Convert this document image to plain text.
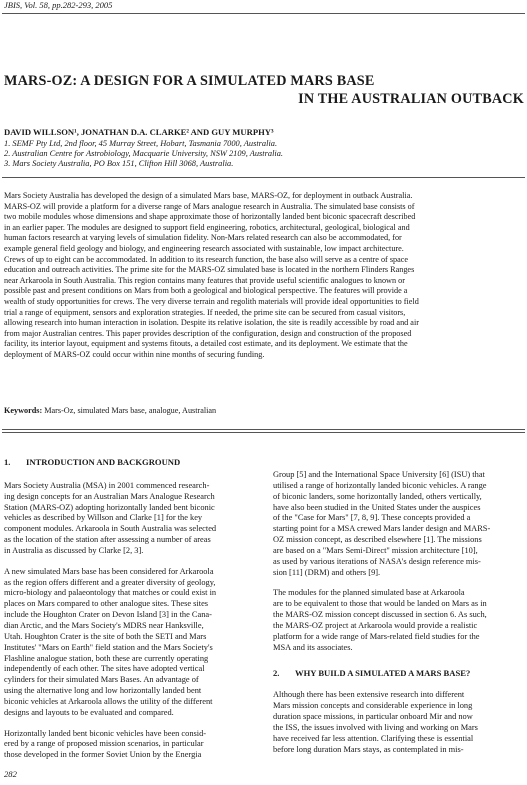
JBIS, Vol. 58, pp.282-293, 2005
MARS-OZ: A DESIGN FOR A SIMULATED MARS BASE
IN THE AUSTRALIAN OUTBACK
DAVID WILLSON¹, JONATHAN D.A. CLARKE² AND GUY MURPHY³
1. SEMF Pty Ltd, 2nd floor, 45 Murray Street, Hobart, Tasmania 7000, Australia.
2. Australian Centre for Astrobiology, Macquarie University, NSW 2109, Australia.
3. Mars Society Australia, PO Box 151, Clifton Hill 3068, Australia.
Mars Society Australia has developed the design of a simulated Mars base, MARS-OZ, for deployment in outback Australia.
MARS-OZ will provide a platform for a diverse range of Mars analogue research in Australia. The simulated base consists of
two mobile modules whose dimensions and shape approximate those of horizontally landed bent biconic spacecraft described
in an earlier paper. The modules are designed to support field engineering, robotics, architectural, geological, biological and
human factors research at varying levels of simulation fidelity. Non-Mars related research can also be accommodated, for
example general field geology and biology, and engineering research associated with sustainable, low impact architecture.
Crews of up to eight can be accommodated. In addition to its research function, the base also will serve as a centre of space
education and outreach activities. The prime site for the MARS-OZ simulated base is located in the northern Flinders Ranges
near Arkaroola in South Australia. This region contains many features that provide useful scientific analogues to known or
possible past and present conditions on Mars from both a geological and biological perspective. The features will provide a
wealth of study opportunities for crews. The very diverse terrain and regolith materials will provide ideal opportunities to field
trial a range of equipment, sensors and exploration strategies. If needed, the prime site can be secured from casual visitors,
allowing research into human interaction in isolation. Despite its relative isolation, the site is readily accessible by road and air
from major Australian centres. This paper provides description of the configuration, design and construction of the proposed
facility, its interior layout, equipment and systems fitouts, a detailed cost estimate, and its deployment. We estimate that the
deployment of MARS-OZ could occur within nine months of securing funding.
Keywords: Mars-Oz, simulated Mars base, analogue, Australian
1. INTRODUCTION AND BACKGROUND

Mars Society Australia (MSA) in 2001 commenced research-
ing design concepts for an Australian Mars Analogue Research
Station (MARS-OZ) adopting horizontally landed bent biconic
vehicles as described by Willson and Clarke [1] for the key
component modules. Arkaroola in South Australia was selected
as the location of the station after assessing a number of areas
in Australia as discussed by Clarke [2, 3].

A new simulated Mars base has been considered for Arkaroola
as the region offers different and a greater diversity of geology,
micro-biology and palaeontology that matches or could exist in
places on Mars compared to other analogue sites. These sites
include the Houghton Crater on Devon Island [3] in the Cana-
dian Arctic, and the Mars Society's MDRS near Hanksville,
Utah. Houghton Crater is the site of both the SETI and Mars
Institutes' "Mars on Earth" field station and the Mars Society's
Flashline analogue station, both these are currently operating
independently of each other. The sites have adopted vertical
cylinders for their simulated Mars Bases. An advantage of
using the alternative long and low horizontally landed bent
biconic vehicles at Arkaroola allows the utility of the different
designs and layouts to be evaluated and compared.

Horizontally landed bent biconic vehicles have been consid-
ered by a range of proposed mission scenarios, in particular
those developed in the former Soviet Union by the Energia

Group [5] and the International Space University [6] (ISU) that
utilised a range of horizontally landed biconic vehicles. A range
of biconic landers, some horizontally landed, others vertically,
have also been studied in the United States under the auspices
of the "Case for Mars" [7, 8, 9]. These concepts provided a
starting point for a MSA crewed Mars lander design and MARS-
OZ mission concept, as described elsewhere [1]. The missions
are based on a "Mars Semi-Direct" mission architecture [10],
as used by various iterations of NASA's design reference mis-
sion [11] (DRM) and others [9].

The modules for the planned simulated base at Arkaroola
are to be equivalent to those that would be landed on Mars as in
the MARS-OZ mission concept discussed in section 6. As such,
the MARS-OZ project at Arkaroola would provide a realistic
platform for a wide range of Mars-related field studies for the
MSA and its associates.

2. WHY BUILD A SIMULATED A MARS BASE?

Although there has been extensive research into different
Mars mission concepts and considerable experience in long
duration space missions, in particular onboard Mir and now
the ISS, the issues involved with living and working on Mars
have received far less attention. Clarifying these is essential
before long duration Mars stays, as contemplated in mis-

282
